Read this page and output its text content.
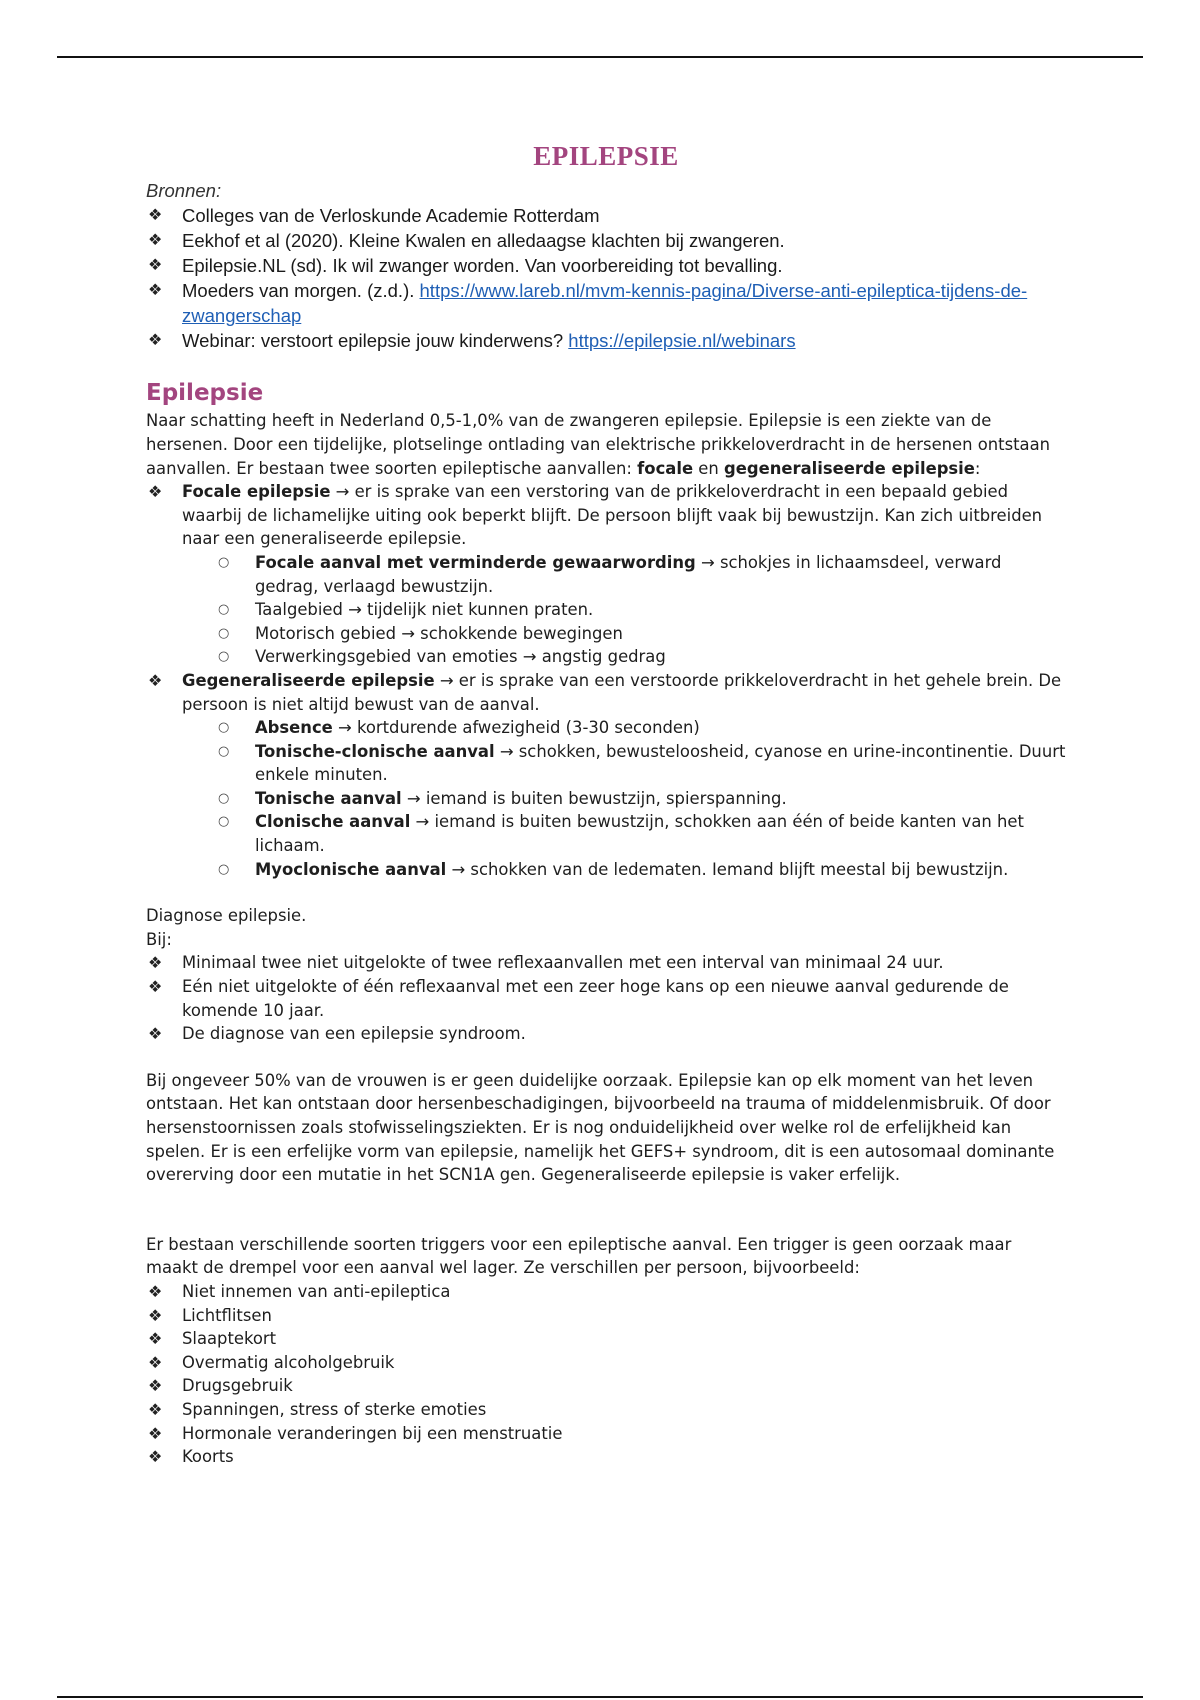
EPILEPSIE
Bronnen:
❖ Colleges van de Verloskunde Academie Rotterdam
❖ Eekhof et al (2020). Kleine Kwalen en alledaagse klachten bij zwangeren.
❖ Epilepsie.NL (sd). Ik wil zwanger worden. Van voorbereiding tot bevalling.
❖ Moeders van morgen. (z.d.). https://www.lareb.nl/mvm-kennis-pagina/Diverse-anti-epileptica-tijdens-de-zwangerschap
❖ Webinar: verstoort epilepsie jouw kinderwens? https://epilepsie.nl/webinars
Epilepsie

Naar schatting heeft in Nederland 0,5-1,0% van de zwangeren epilepsie. Epilepsie is een ziekte van de hersenen. Door een tijdelijke, plotselinge ontlading van elektrische prikkeloverdracht in de hersenen ontstaan aanvallen. Er bestaan twee soorten epileptische aanvallen: focale en gegeneraliseerde epilepsie:

❖ Focale epilepsie → er is sprake van een verstoring van de prikkeloverdracht in een bepaald gebied waarbij de lichamelijke uiting ook beperkt blijft. De persoon blijft vaak bij bewustzijn. Kan zich uitbreiden naar een generaliseerde epilepsie.
○ Focale aanval met verminderde gewaarwording → schokjes in lichaamsdeel, verward gedrag, verlaagd bewustzijn.
○ Taalgebied → tijdelijk niet kunnen praten.
○ Motorisch gebied → schokkende bewegingen
○ Verwerkingsgebied van emoties → angstig gedrag
❖ Gegeneraliseerde epilepsie → er is sprake van een verstoorde prikkeloverdracht in het gehele brein. De persoon is niet altijd bewust van de aanval.
○ Absence → kortdurende afwezigheid (3-30 seconden)
○ Tonische-clonische aanval → schokken, bewusteloosheid, cyanose en urine-incontinentie. Duurt enkele minuten.
○ Tonische aanval → iemand is buiten bewustzijn, spierspanning.
○ Clonische aanval → iemand is buiten bewustzijn, schokken aan één of beide kanten van het lichaam.
○ Myoclonische aanval → schokken van de ledematen. Iemand blijft meestal bij bewustzijn.

Diagnose epilepsie.

Bij:

❖ Minimaal twee niet uitgelokte of twee reflexaanvallen met een interval van minimaal 24 uur.
❖ Eén niet uitgelokte of één reflexaanval met een zeer hoge kans op een nieuwe aanval gedurende de komende 10 jaar.
❖ De diagnose van een epilepsie syndroom.

Bij ongeveer 50% van de vrouwen is er geen duidelijke oorzaak. Epilepsie kan op elk moment van het leven ontstaan. Het kan ontstaan door hersenbeschadigingen, bijvoorbeeld na trauma of middelenmisbruik. Of door hersenstoornissen zoals stofwisselingsziekten. Er is nog onduidelijkheid over welke rol de erfelijkheid kan spelen. Er is een erfelijke vorm van epilepsie, namelijk het GEFS+ syndroom, dit is een autosomaal dominante overerving door een mutatie in het SCN1A gen. Gegeneraliseerde epilepsie is vaker erfelijk.

Er bestaan verschillende soorten triggers voor een epileptische aanval. Een trigger is geen oorzaak maar maakt de drempel voor een aanval wel lager. Ze verschillen per persoon, bijvoorbeeld:

❖ Niet innemen van anti-epileptica
❖ Lichtflitsen
❖ Slaaptekort
❖ Overmatig alcoholgebruik
❖ Drugsgebruik
❖ Spanningen, stress of sterke emoties
❖ Hormonale veranderingen bij een menstruatie
❖ Koorts
